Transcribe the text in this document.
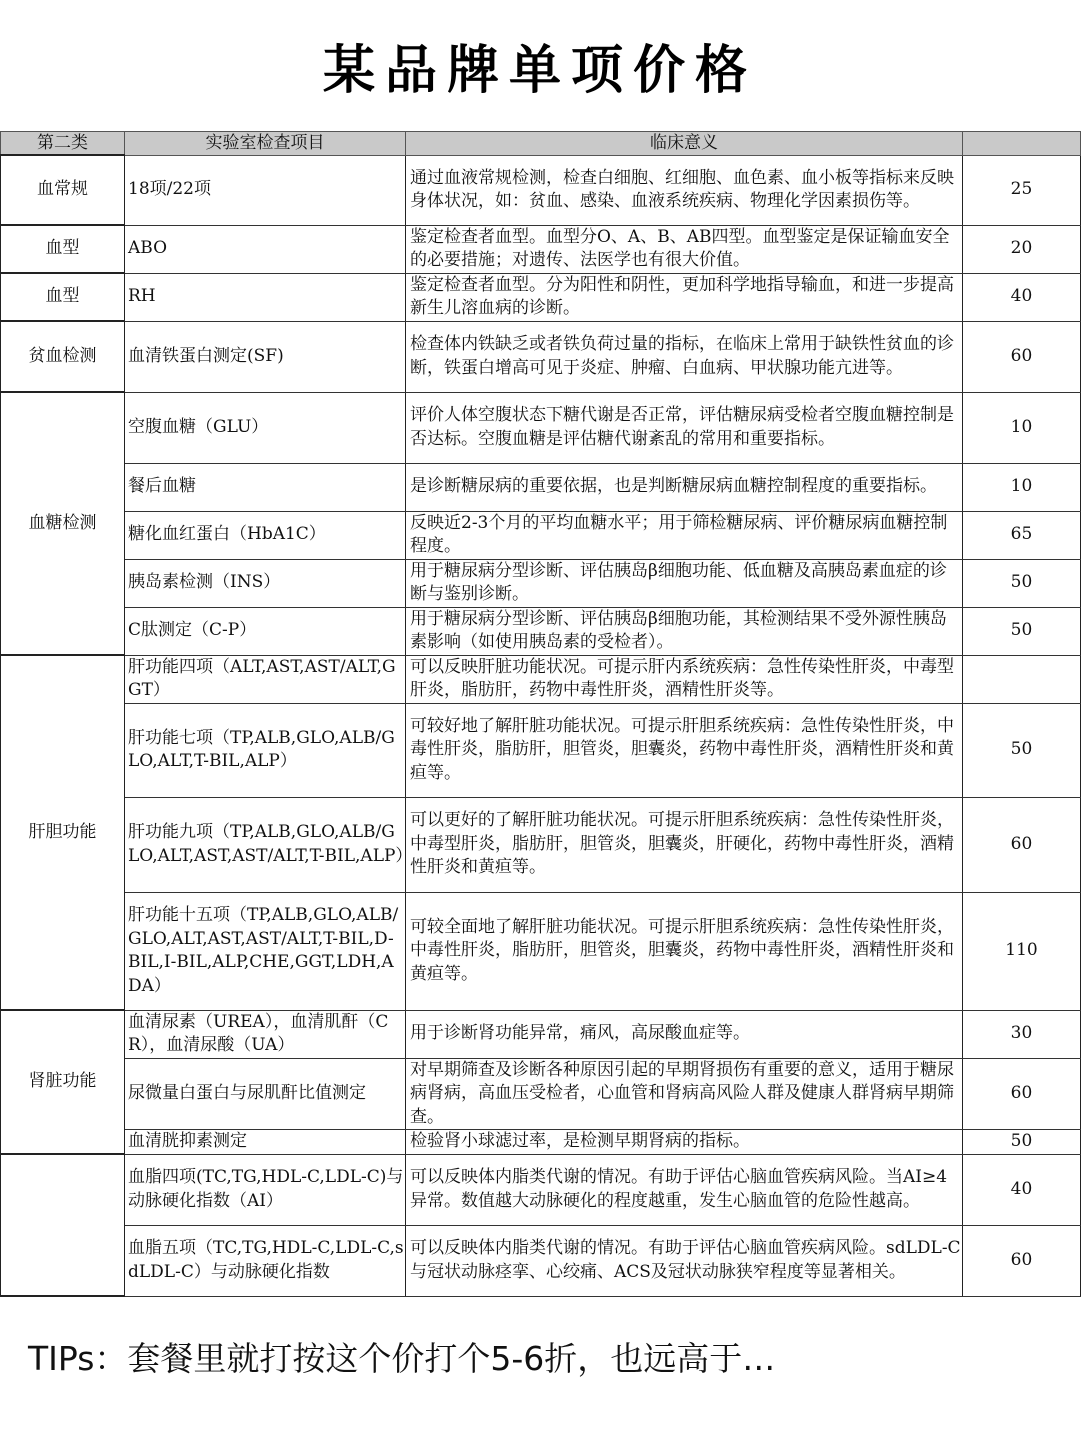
某品牌单项价格
第二类	实验室检查项目	临床意义	
血常规	18项/22项	通过血液常规检测，检查白细胞、红细胞、血色素、血小板等指标来反映身体状况，如：贫血、感染、血液系统疾病、物理化学因素损伤等。	25
血型	ABO	鉴定检查者血型。血型分O、A、B、AB四型。血型鉴定是保证输血安全的必要措施；对遗传、法医学也有很大价值。	20
血型	RH	鉴定检查者血型。分为阳性和阴性，更加科学地指导输血，和进一步提高新生儿溶血病的诊断。	40
贫血检测	血清铁蛋白测定(SF)	检查体内铁缺乏或者铁负荷过量的指标，在临床上常用于缺铁性贫血的诊断，铁蛋白增高可见于炎症、肿瘤、白血病、甲状腺功能亢进等。	60
血糖检测	空腹血糖（GLU）	评价人体空腹状态下糖代谢是否正常，评估糖尿病受检者空腹血糖控制是否达标。空腹血糖是评估糖代谢紊乱的常用和重要指标。	10
	餐后血糖	是诊断糖尿病的重要依据，也是判断糖尿病血糖控制程度的重要指标。	10
	糖化血红蛋白（HbA1C）	反映近2-3个月的平均血糖水平；用于筛检糖尿病、评价糖尿病血糖控制程度。	65
	胰岛素检测（INS）	用于糖尿病分型诊断、评估胰岛β细胞功能、低血糖及高胰岛素血症的诊断与鉴别诊断。	50
	C肽测定（C-P）	用于糖尿病分型诊断、评估胰岛β细胞功能，其检测结果不受外源性胰岛素影响（如使用胰岛素的受检者）。	50
肝胆功能	肝功能四项（ALT,AST,AST/ALT,GGT）	可以反映肝脏功能状况。可提示肝内系统疾病：急性传染性肝炎，中毒型肝炎，脂肪肝，药物中毒性肝炎，酒精性肝炎等。	
	肝功能七项（TP,ALB,GLO,ALB/GLO,ALT,T-BIL,ALP）	可较好地了解肝脏功能状况。可提示肝胆系统疾病：急性传染性肝炎，中毒性肝炎，脂肪肝，胆管炎，胆囊炎，药物中毒性肝炎，酒精性肝炎和黄疸等。	50
	肝功能九项（TP,ALB,GLO,ALB/GLO,ALT,AST,AST/ALT,T-BIL,ALP）	可以更好的了解肝脏功能状况。可提示肝胆系统疾病：急性传染性肝炎，中毒型肝炎，脂肪肝，胆管炎，胆囊炎，肝硬化，药物中毒性肝炎，酒精性肝炎和黄疸等。	60
	肝功能十五项（TP,ALB,GLO,ALB/GLO,ALT,AST,AST/ALT,T-BIL,D-BIL,I-BIL,ALP,CHE,GGT,LDH,ADA）	可较全面地了解肝脏功能状况。可提示肝胆系统疾病：急性传染性肝炎，中毒性肝炎，脂肪肝，胆管炎，胆囊炎，药物中毒性肝炎，酒精性肝炎和黄疸等。	110
肾脏功能	血清尿素（UREA），血清肌酐（CR），血清尿酸（UA）	用于诊断肾功能异常，痛风，高尿酸血症等。	30
	尿微量白蛋白与尿肌酐比值测定	对早期筛查及诊断各种原因引起的早期肾损伤有重要的意义，适用于糖尿病肾病，高血压受检者，心血管和肾病高风险人群及健康人群肾病早期筛查。	60
	血清胱抑素测定	检验肾小球滤过率，是检测早期肾病的指标。	50
	血脂四项(TC,TG,HDL-C,LDL-C)与动脉硬化指数（AI）	可以反映体内脂类代谢的情况。有助于评估心脑血管疾病风险。当AI≥4异常。数值越大动脉硬化的程度越重，发生心脑血管的危险性越高。	40
	血脂五项（TC,TG,HDL-C,LDL-C,sdLDL-C）与动脉硬化指数	可以反映体内脂类代谢的情况。有助于评估心脑血管疾病风险。sdLDL-C与冠状动脉痉挛、心绞痛、ACS及冠状动脉狭窄程度等显著相关。	60
TIPs：套餐里就打按这个价打个5-6折，也远高于…
